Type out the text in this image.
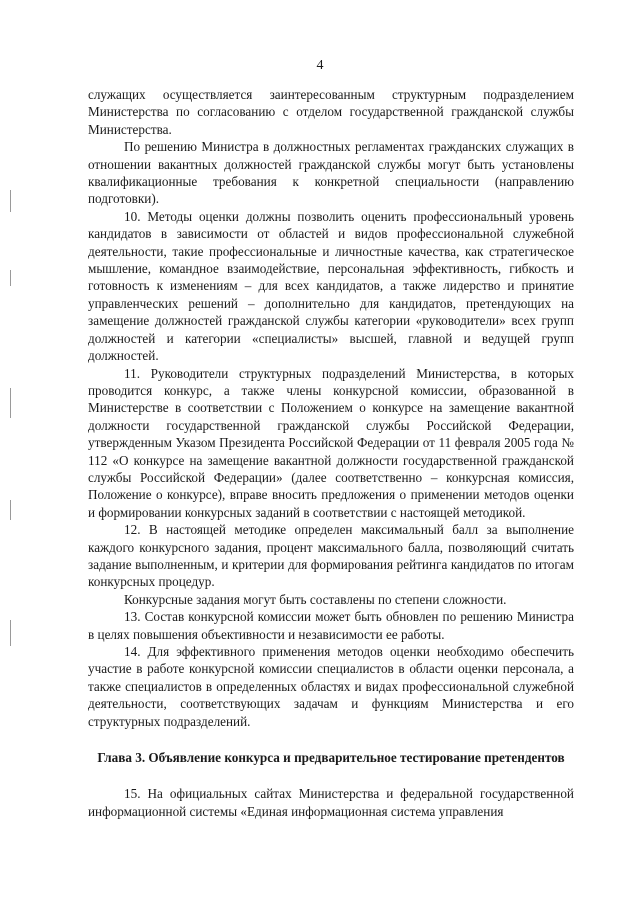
4

служащих осуществляется заинтересованным структурным подразделением Министерства по согласованию с отделом государственной гражданской службы Министерства.

По решению Министра в должностных регламентах гражданских служащих в отношении вакантных должностей гражданской службы могут быть установлены квалификационные требования к конкретной специальности (направлению подготовки).

10. Методы оценки должны позволить оценить профессиональный уровень кандидатов в зависимости от областей и видов профессиональной служебной деятельности, такие профессиональные и личностные качества, как стратегическое мышление, командное взаимодействие, персональная эффективность, гибкость и готовность к изменениям – для всех кандидатов, а также лидерство и принятие управленческих решений – дополнительно для кандидатов, претендующих на замещение должностей гражданской службы категории «руководители» всех групп должностей и категории «специалисты» высшей, главной и ведущей групп должностей.

11. Руководители структурных подразделений Министерства, в которых проводится конкурс, а также члены конкурсной комиссии, образованной в Министерстве в соответствии с Положением о конкурсе на замещение вакантной должности государственной гражданской службы Российской Федерации, утвержденным Указом Президента Российской Федерации от 11 февраля 2005 года № 112 «О конкурсе на замещение вакантной должности государственной гражданской службы Российской Федерации» (далее соответственно – конкурсная комиссия, Положение о конкурсе), вправе вносить предложения о применении методов оценки и формировании конкурсных заданий в соответствии с настоящей методикой.

12. В настоящей методике определен максимальный балл за выполнение каждого конкурсного задания, процент максимального балла, позволяющий считать задание выполненным, и критерии для формирования рейтинга кандидатов по итогам конкурсных процедур.

Конкурсные задания могут быть составлены по степени сложности.

13. Состав конкурсной комиссии может быть обновлен по решению Министра в целях повышения объективности и независимости ее работы.

14. Для эффективного применения методов оценки необходимо обеспечить участие в работе конкурсной комиссии специалистов в области оценки персонала, а также специалистов в определенных областях и видах профессиональной служебной деятельности, соответствующих задачам и функциям Министерства и его структурных подразделений.

Глава 3. Объявление конкурса и предварительное тестирование претендентов

15. На официальных сайтах Министерства и федеральной государственной информационной системы «Единая информационная система управления
